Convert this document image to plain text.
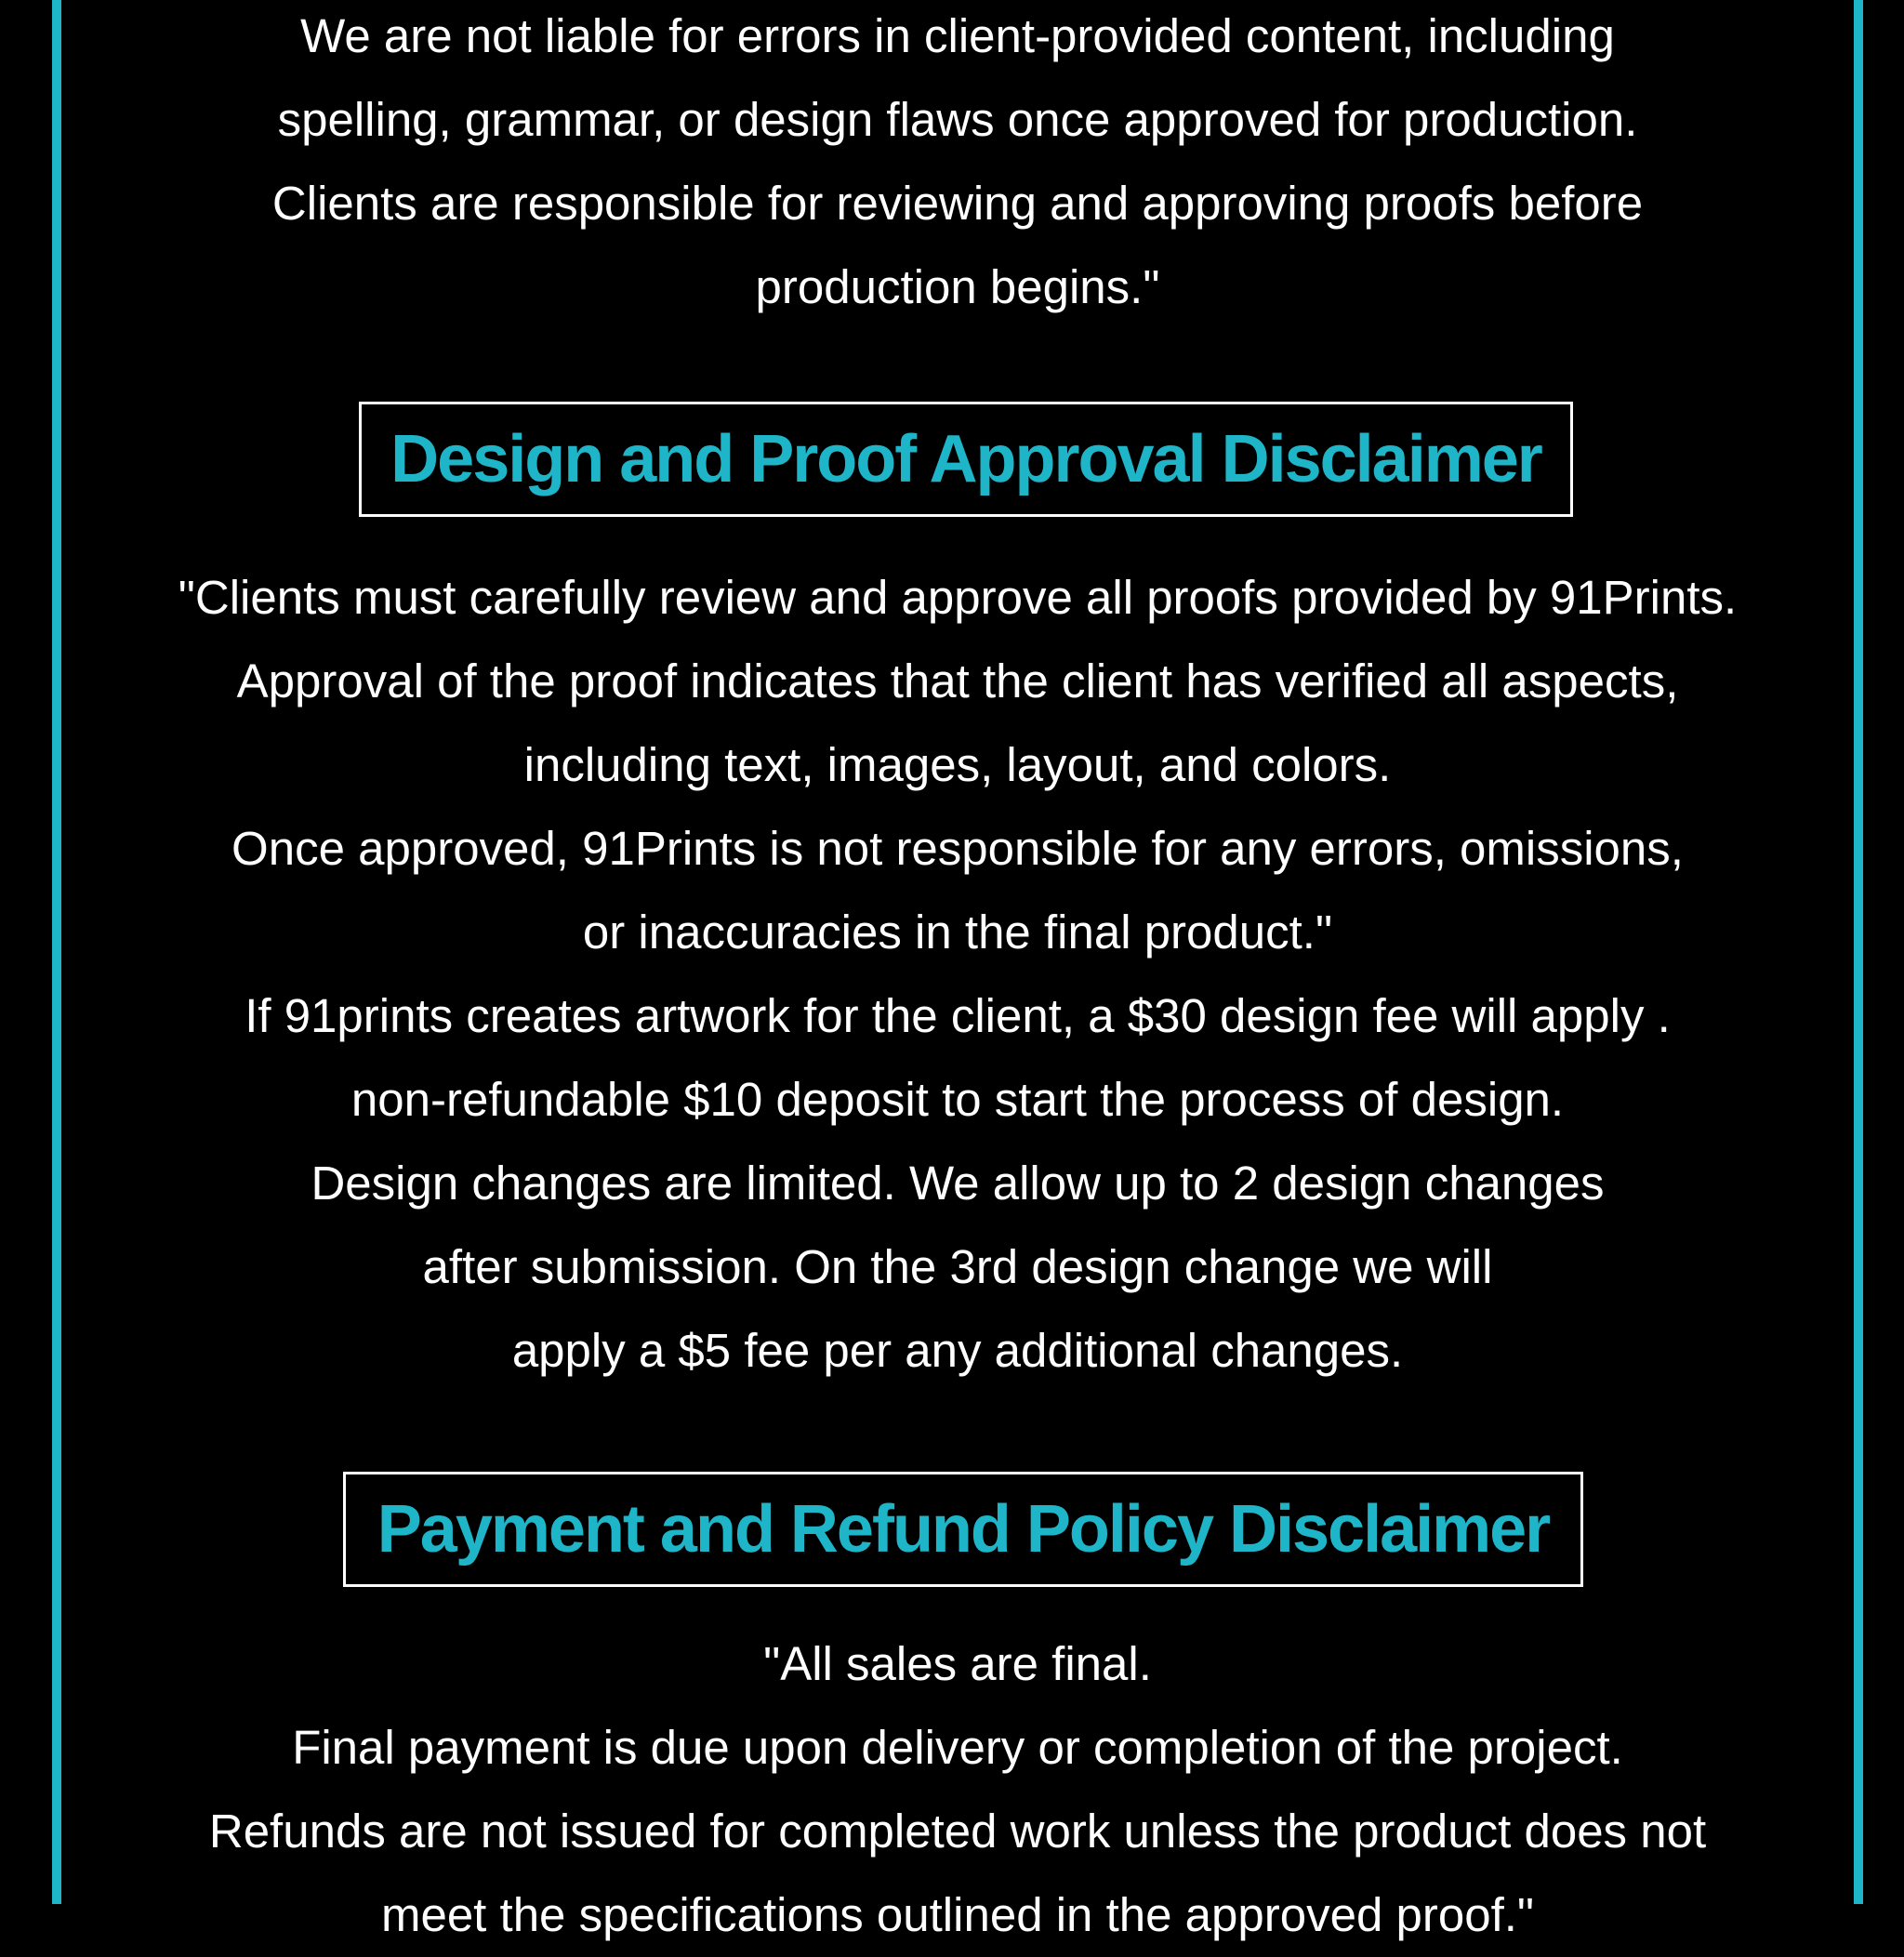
We are not liable for errors in client-provided content, including
spelling, grammar, or design flaws once approved for production.
Clients are responsible for reviewing and approving proofs before
production begins."
Design and Proof Approval Disclaimer
"Clients must carefully review and approve all proofs provided by 91Prints.
Approval of the proof indicates that the client has verified all aspects,
including text, images, layout, and colors.
Once approved, 91Prints is not responsible for any errors, omissions,
or inaccuracies in the final product."
If 91prints creates artwork for the client, a $30 design fee will apply .
non-refundable $10 deposit to start the process of design.
Design changes are limited. We allow up to 2 design changes
after submission. On the 3rd design change we will
apply a $5 fee per any additional changes.
Payment and Refund Policy Disclaimer
"All sales are final.
Final payment is due upon delivery or completion of the project.
Refunds are not issued for completed work unless the product does not
meet the specifications outlined in the approved proof."
